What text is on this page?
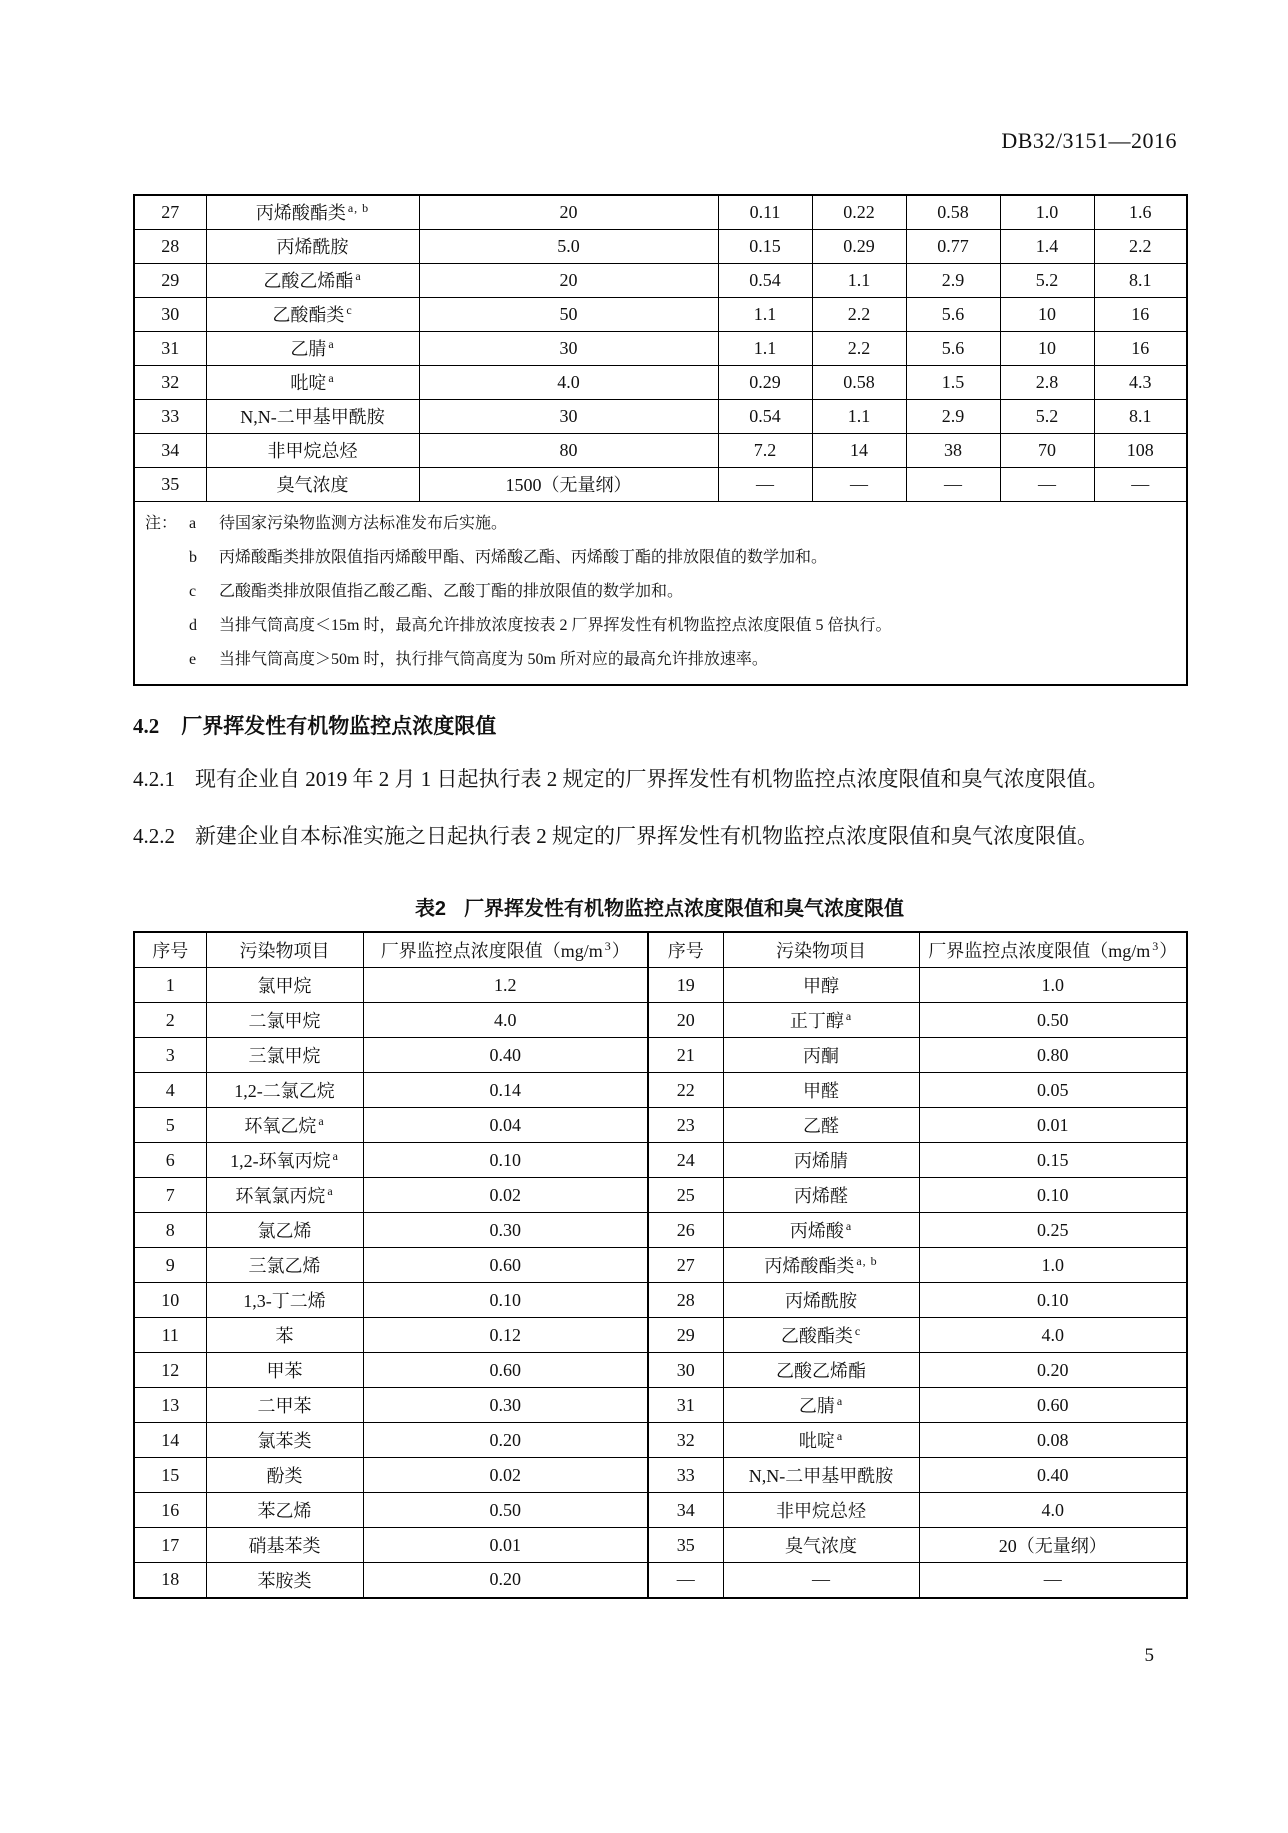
DB32/3151—2016
27	丙烯酸酯类 $^{a, b}$	20	0.11	0.22	0.58	1.0	1.6
28	丙烯酰胺	5.0	0.15	0.29	0.77	1.4	2.2
29	乙酸乙烯酯 $^a$	20	0.54	1.1	2.9	5.2	8.1
30	乙酸酯类 $^c$	50	1.1	2.2	5.6	10	16
31	乙腈 $^a$	30	1.1	2.2	5.6	10	16
32	吡啶 $^a$	4.0	0.29	0.58	1.5	2.8	4.3
33	N,N-二甲基甲酰胺	30	0.54	1.1	2.9	5.2	8.1
34	非甲烷总烃	80	7.2	14	38	70	108
35	臭气浓度	1500（无量纲）	—	—	—	—	—

注： a	待国家污染物监测方法标准发布后实施。
b	丙烯酸酯类排放限值指丙烯酸甲酯、丙烯酸乙酯、丙烯酸丁酯的排放限值的数学加和。
c	乙酸酯类排放限值指乙酸乙酯、乙酸丁酯的排放限值的数学加和。
d	当排气筒高度＜15m 时，最高允许排放浓度按表 2 厂界挥发性有机物监控点浓度限值 5 倍执行。
e	当排气筒高度＞50m 时，执行排气筒高度为 50m 所对应的最高允许排放速率。
4.2 厂界挥发性有机物监控点浓度限值

4.2.1 现有企业自 2019 年 2 月 1 日起执行表 2 规定的厂界挥发性有机物监控点浓度限值和臭气浓度限值。

4.2.2 新建企业自本标准实施之日起执行表 2 规定的厂界挥发性有机物监控点浓度限值和臭气浓度限值。

表2 厂界挥发性有机物监控点浓度限值和臭气浓度限值
序号	污染物项目	厂界监控点浓度限值（mg/m $^3$）	序号	污染物项目	厂界监控点浓度限值（mg/m $^3$）
1	氯甲烷	1.2	19	甲醇	1.0
2	二氯甲烷	4.0	20	正丁醇 $^a$	0.50
3	三氯甲烷	0.40	21	丙酮	0.80
4	1,2-二氯乙烷	0.14	22	甲醛	0.05
5	环氧乙烷 $^a$	0.04	23	乙醛	0.01
6	1,2-环氧丙烷 $^a$	0.10	24	丙烯腈	0.15
7	环氧氯丙烷 $^a$	0.02	25	丙烯醛	0.10
8	氯乙烯	0.30	26	丙烯酸 $^a$	0.25
9	三氯乙烯	0.60	27	丙烯酸酯类 $^{a, b}$	1.0
10	1,3-丁二烯	0.10	28	丙烯酰胺	0.10
11	苯	0.12	29	乙酸酯类 $^c$	4.0
12	甲苯	0.60	30	乙酸乙烯酯	0.20
13	二甲苯	0.30	31	乙腈 $^a$	0.60
14	氯苯类	0.20	32	吡啶 $^a$	0.08
15	酚类	0.02	33	N,N-二甲基甲酰胺	0.40
16	苯乙烯	0.50	34	非甲烷总烃	4.0
17	硝基苯类	0.01	35	臭气浓度	20（无量纲）
18	苯胺类	0.20	—	—	—
5
